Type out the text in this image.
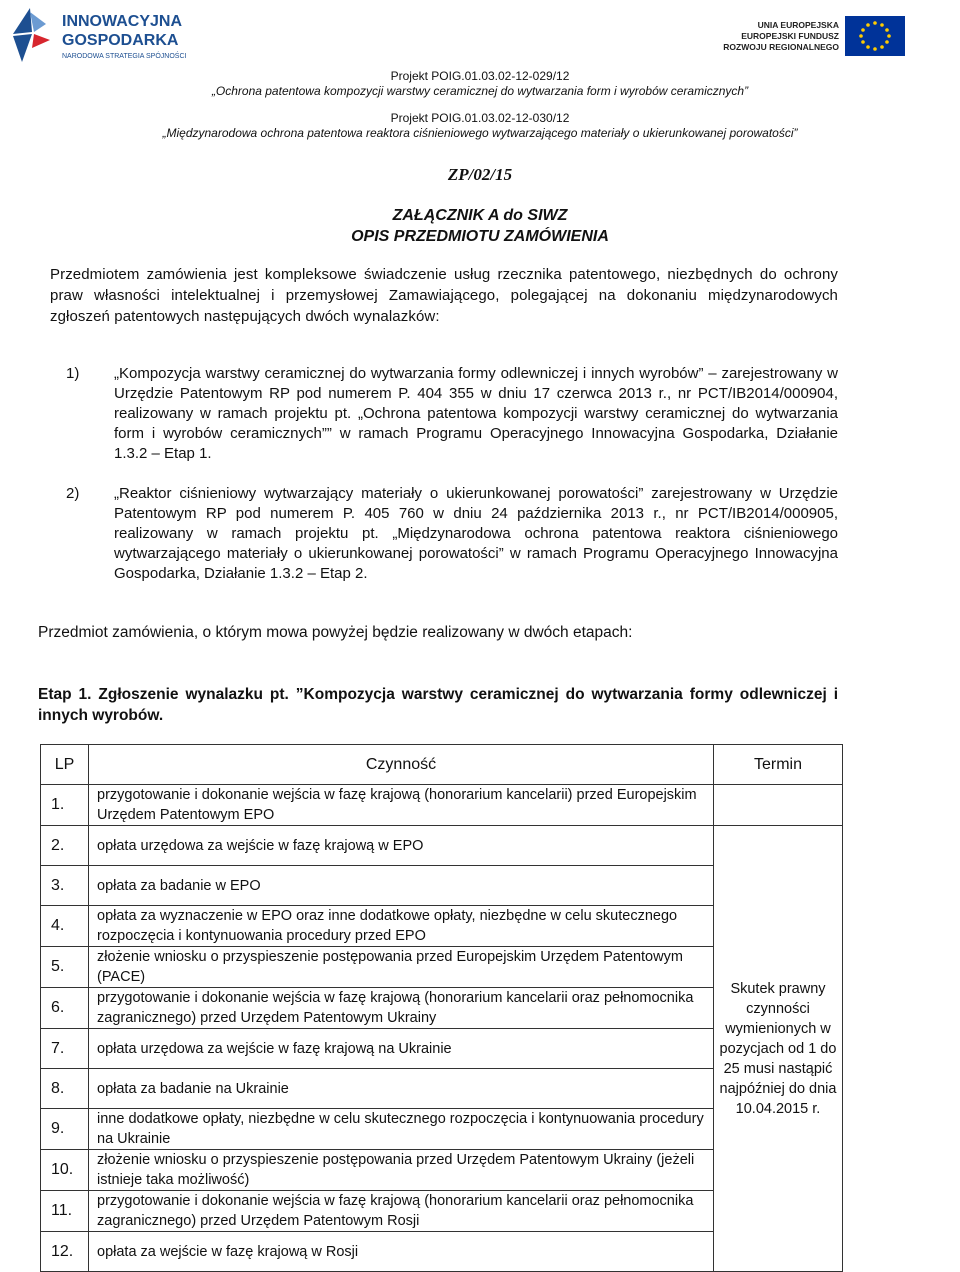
INNOWACYJNA
GOSPODARKA
NARODOWA STRATEGIA SPÓJNOŚCI
UNIA EUROPEJSKA
EUROPEJSKI FUNDUSZ
ROZWOJU REGIONALNEGO
Projekt POIG.01.03.02-12-029/12
„Ochrona patentowa kompozycji warstwy ceramicznej do wytwarzania form i wyrobów ceramicznych”
Projekt POIG.01.03.02-12-030/12
„Międzynarodowa ochrona patentowa reaktora ciśnieniowego wytwarzającego materiały o ukierunkowanej porowatości”
ZP/02/15
ZAŁĄCZNIK A do SIWZ
OPIS PRZEDMIOTU ZAMÓWIENIA
Przedmiotem zamówienia jest kompleksowe świadczenie usług rzecznika patentowego, niezbędnych do ochrony praw własności intelektualnej i przemysłowej Zamawiającego, polegającej na dokonaniu międzynarodowych zgłoszeń patentowych następujących dwóch wynalazków:
1) „Kompozycja warstwy ceramicznej do wytwarzania formy odlewniczej i innych wyrobów” – zarejestrowany w Urzędzie Patentowym RP pod numerem P. 404 355 w dniu 17 czerwca 2013 r., nr PCT/IB2014/000904, realizowany w ramach projektu pt. „Ochrona patentowa kompozycji warstwy ceramicznej do wytwarzania form i wyrobów ceramicznych”” w ramach Programu Operacyjnego Innowacyjna Gospodarka, Działanie 1.3.2 – Etap 1.
2) „Reaktor ciśnieniowy wytwarzający materiały o ukierunkowanej porowatości” zarejestrowany w Urzędzie Patentowym RP pod numerem P. 405 760 w dniu 24 października 2013 r., nr PCT/IB2014/000905, realizowany w ramach projektu pt. „Międzynarodowa ochrona patentowa reaktora ciśnieniowego wytwarzającego materiały o ukierunkowanej porowatości” w ramach Programu Operacyjnego Innowacyjna Gospodarka, Działanie 1.3.2 – Etap 2.
Przedmiot zamówienia, o którym mowa powyżej będzie realizowany w dwóch etapach:
Etap 1. Zgłoszenie wynalazku pt. ”Kompozycja warstwy ceramicznej do wytwarzania formy odlewniczej i innych wyrobów.
LP	Czynność	Termin
1.	przygotowanie i dokonanie wejścia w fazę krajową (honorarium kancelarii) przed Europejskim Urzędem Patentowym EPO	
2.	opłata urzędowa za wejście w fazę krajową w EPO	Skutek prawny czynności wymienionych w pozycjach od 1 do 25 musi nastąpić najpóźniej do dnia 10.04.2015 r.
3.	opłata za badanie w EPO	
4.	opłata za wyznaczenie w EPO oraz inne dodatkowe opłaty, niezbędne w celu skutecznego rozpoczęcia i kontynuowania procedury przed EPO	
5.	złożenie wniosku o przyspieszenie postępowania przed Europejskim Urzędem Patentowym (PACE)	
6.	przygotowanie i dokonanie wejścia w fazę krajową (honorarium kancelarii oraz pełnomocnika zagranicznego) przed Urzędem Patentowym Ukrainy	
7.	opłata urzędowa za wejście w fazę krajową na Ukrainie	
8.	opłata za badanie na Ukrainie	
9.	inne dodatkowe opłaty, niezbędne w celu skutecznego rozpoczęcia i kontynuowania procedury na Ukrainie	
10.	złożenie wniosku o przyspieszenie postępowania przed Urzędem Patentowym Ukrainy (jeżeli istnieje taka możliwość)	
11.	przygotowanie i dokonanie wejścia w fazę krajową (honorarium kancelarii oraz pełnomocnika zagranicznego) przed Urzędem Patentowym Rosji	
12.	opłata za wejście w fazę krajową w Rosji	
